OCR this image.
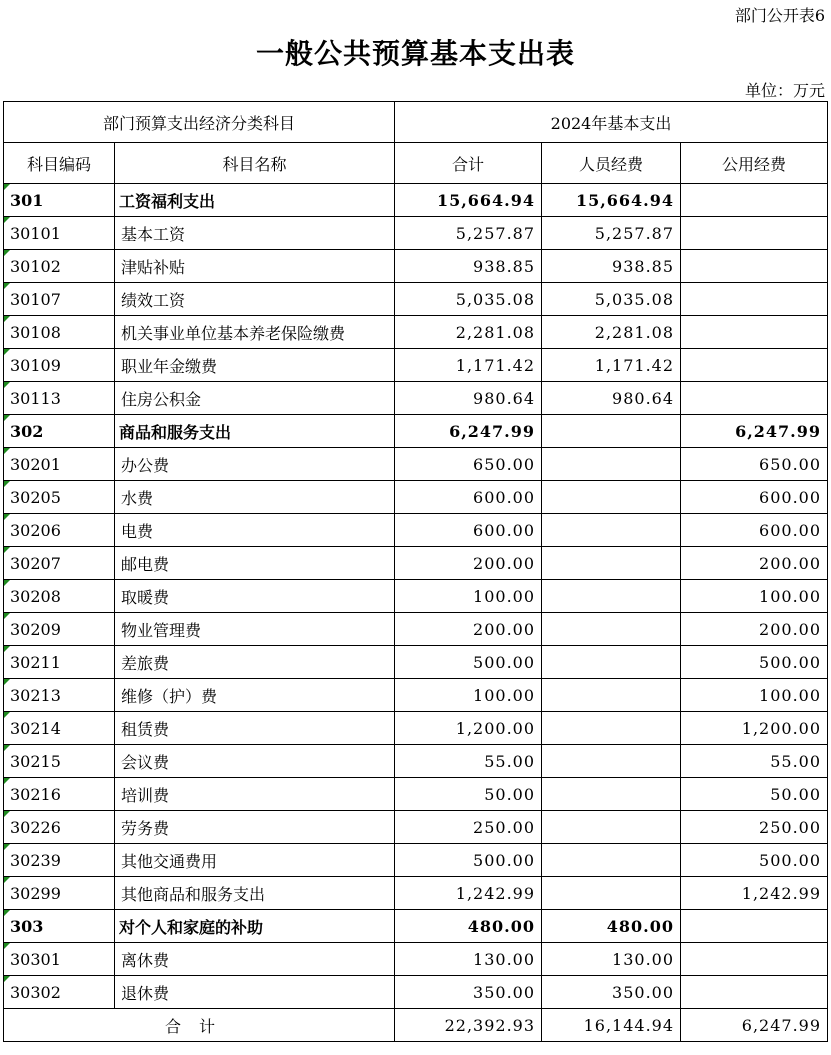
部门公开表6
一般公共预算基本支出表
单位：万元
部门预算支出经济分类科目		2024年基本支出		
科目编码	科目名称	合计	人员经费	公用经费
301	工资福利支出	15,664.94	15,664.94	
30101	基本工资	5,257.87	5,257.87	
30102	津贴补贴	938.85	938.85	
30107	绩效工资	5,035.08	5,035.08	
30108	机关事业单位基本养老保险缴费	2,281.08	2,281.08	
30109	职业年金缴费	1,171.42	1,171.42	
30113	住房公积金	980.64	980.64	
302	商品和服务支出	6,247.99		6,247.99
30201	办公费	650.00		650.00
30205	水费	600.00		600.00
30206	电费	600.00		600.00
30207	邮电费	200.00		200.00
30208	取暖费	100.00		100.00
30209	物业管理费	200.00		200.00
30211	差旅费	500.00		500.00
30213	维修（护）费	100.00		100.00
30214	租赁费	1,200.00		1,200.00
30215	会议费	55.00		55.00
30216	培训费	50.00		50.00
30226	劳务费	250.00		250.00
30239	其他交通费用	500.00		500.00
30299	其他商品和服务支出	1,242.99		1,242.99
303	对个人和家庭的补助	480.00	480.00	
30301	离休费	130.00	130.00	
30302	退休费	350.00	350.00	
合计		22,392.93	16,144.94	6,247.99
